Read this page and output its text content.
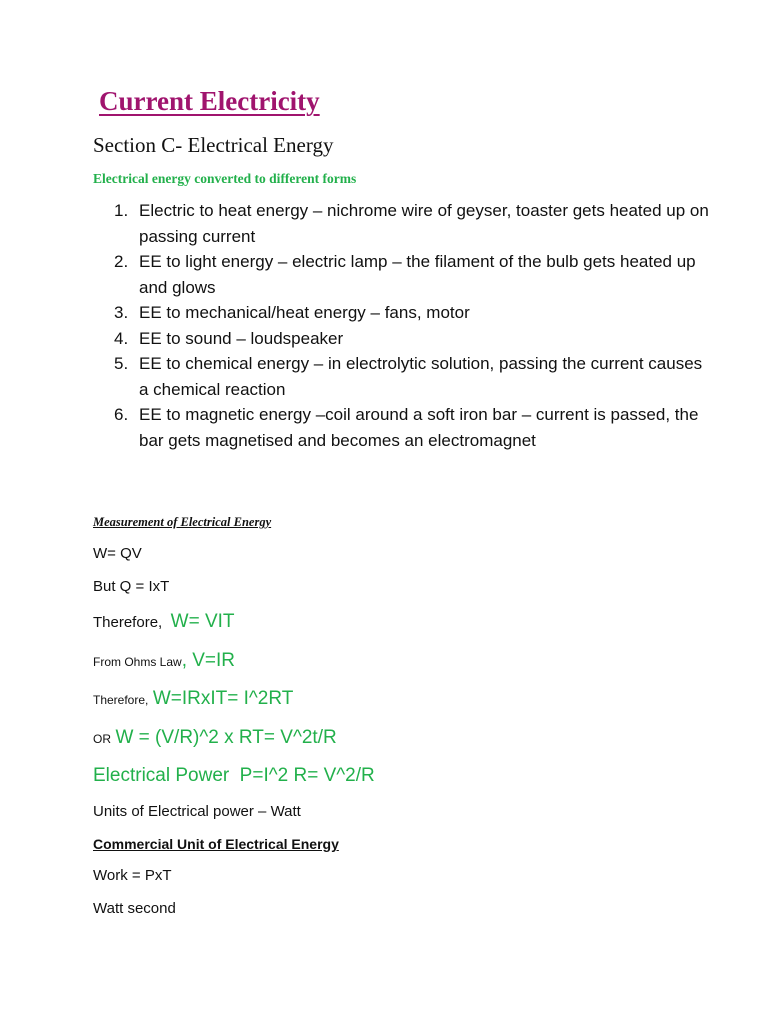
Current Electricity
Section C- Electrical Energy

Electrical energy converted to different forms

1. Electric to heat energy – nichrome wire of geyser, toaster gets heated up on passing current
2. EE to light energy – electric lamp – the filament of the bulb gets heated up and glows
3. EE to mechanical/heat energy – fans, motor
4. EE to sound – loudspeaker
5. EE to chemical energy – in electrolytic solution, passing the current causes a chemical reaction
6. EE to magnetic energy –coil around a soft iron bar – current is passed, the bar gets magnetised and becomes an electromagnet

Measurement of Electrical Energy

W= QV

But Q = IxT

Therefore, W= VIT

From Ohms Law, V=IR

Therefore, W=IRxIT= I^2RT

OR W = (V/R)^2 x RT= V^2t/R

Electrical Power P=I^2 R= V^2/R

Units of Electrical power – Watt

Commercial Unit of Electrical Energy

Work = PxT

Watt second
